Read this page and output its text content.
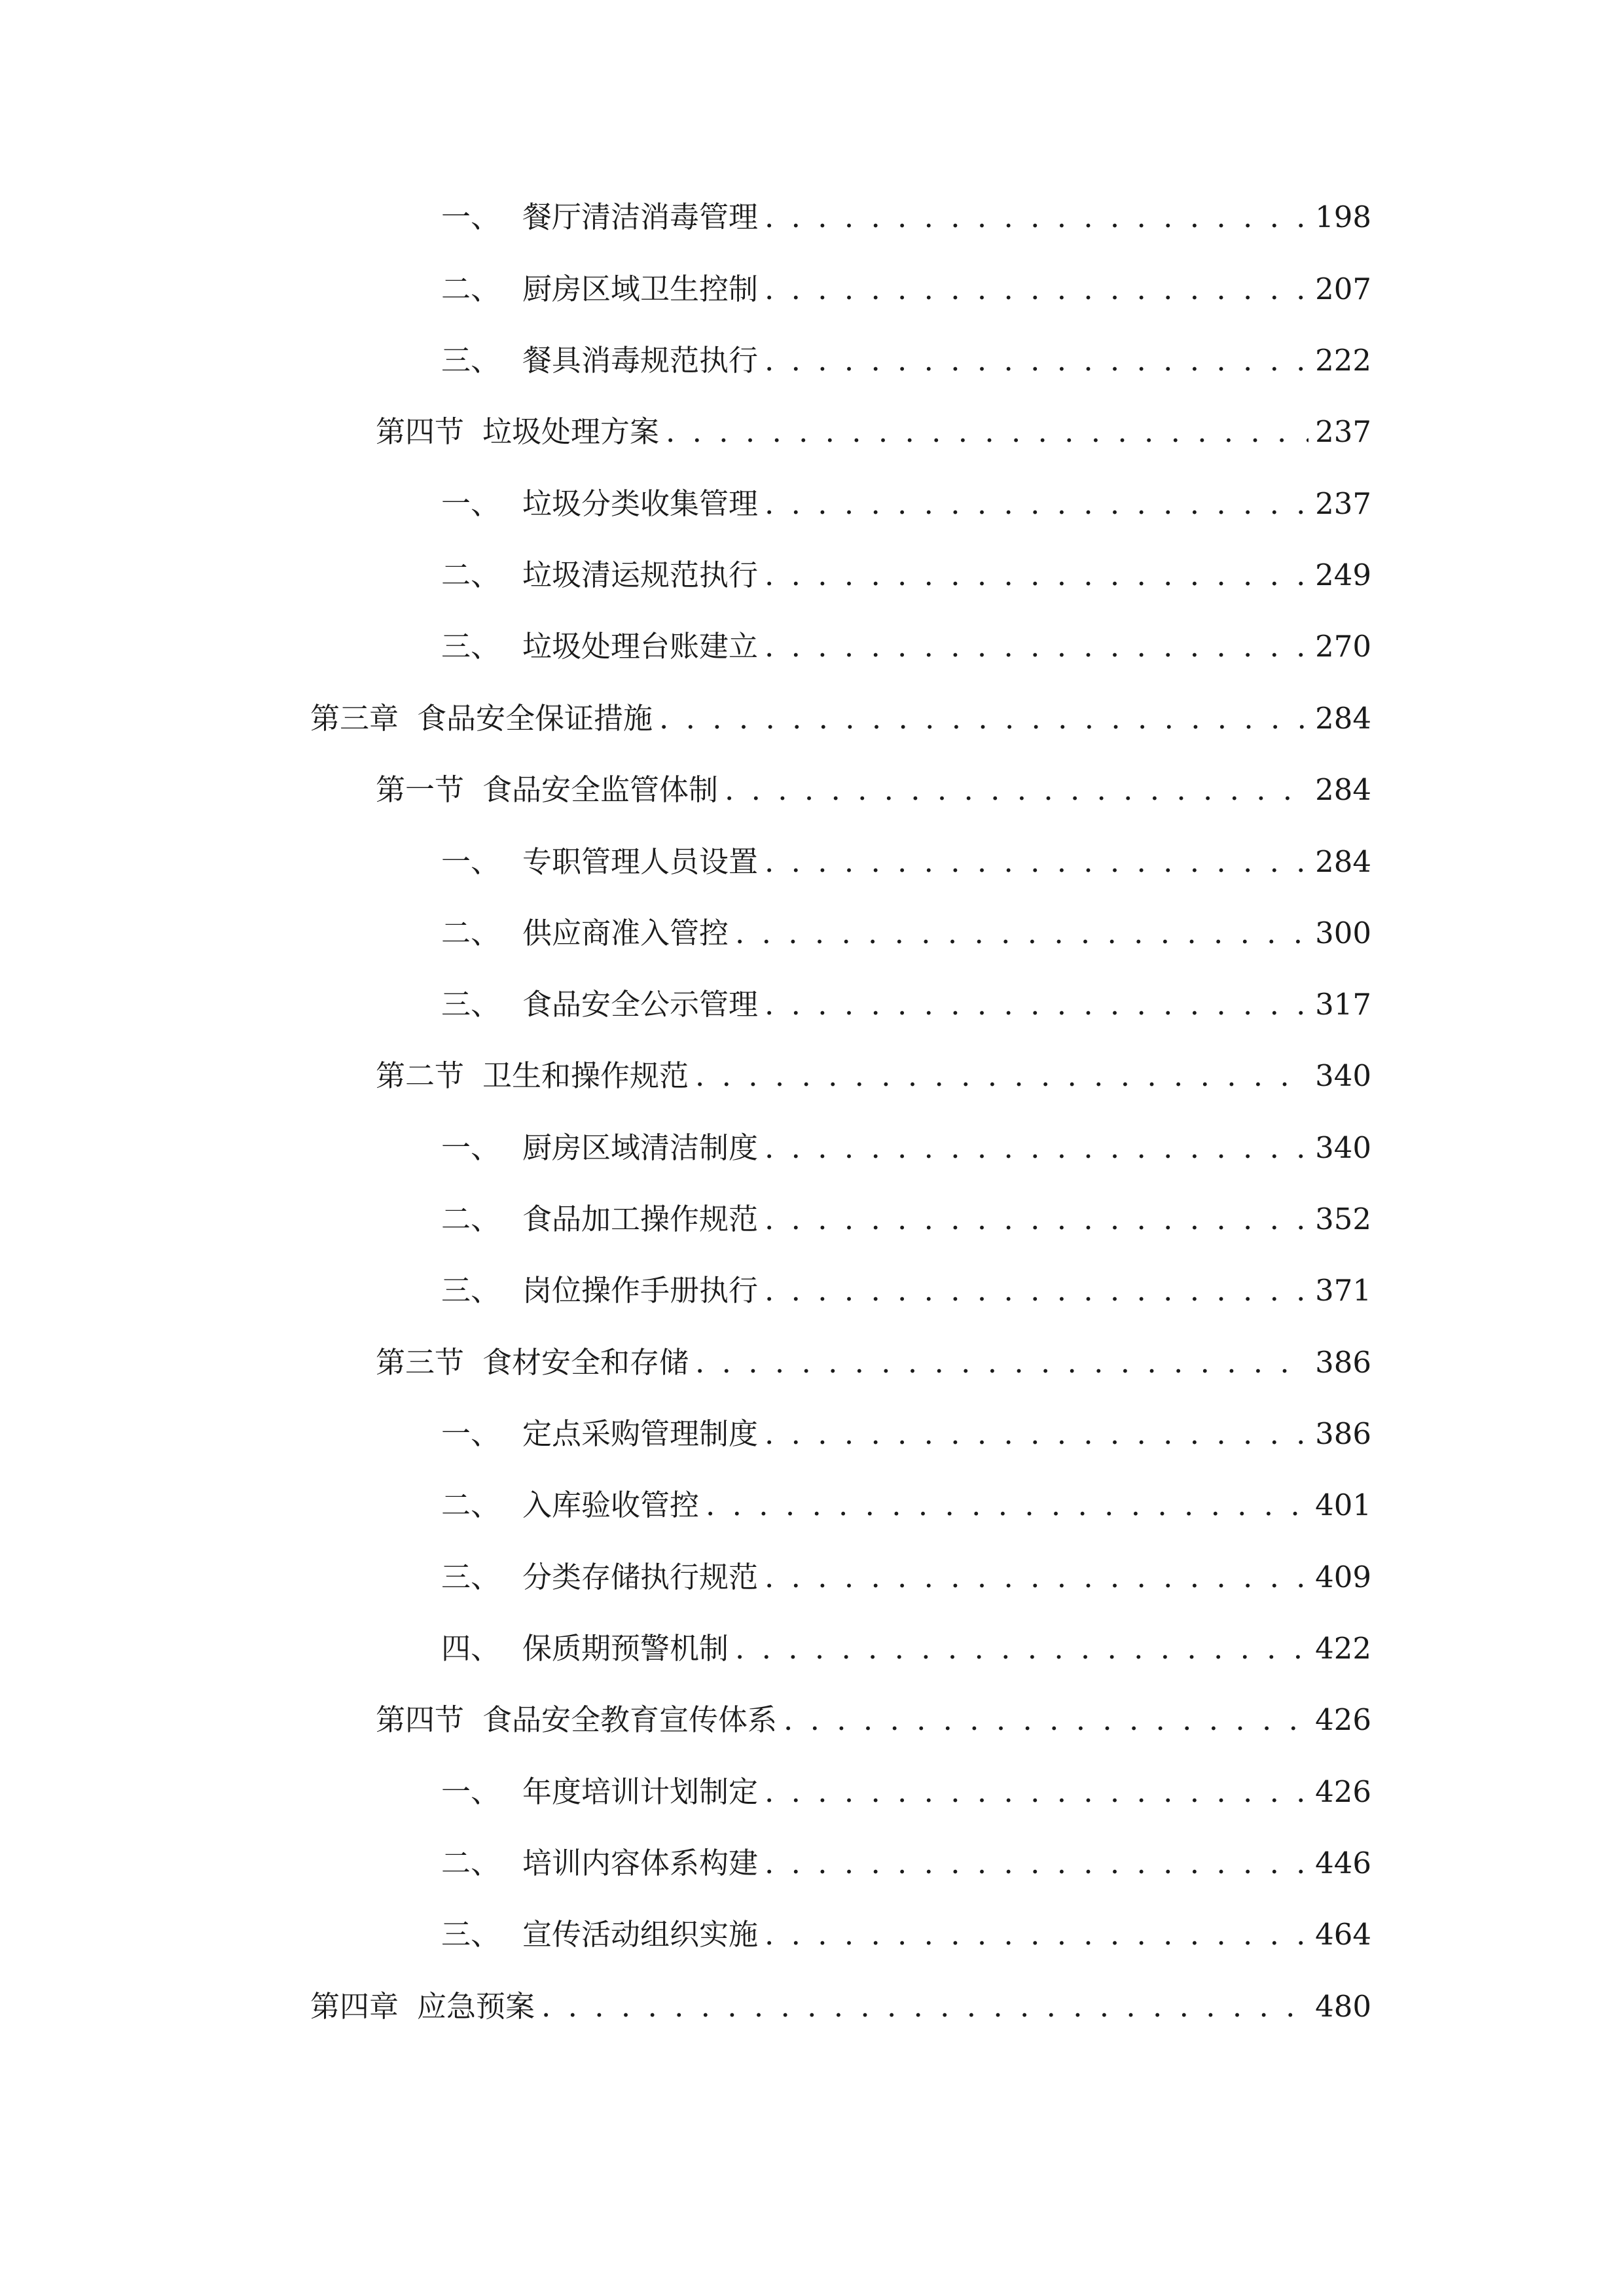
一、 餐厅清洁消毒管理 . . .	198
二、 厨房区域卫生控制 . . .	207
三、 餐具消毒规范执行 . . .	222
第四节 垃圾处理方案 . . .	237
一、 垃圾分类收集管理 . . .	237
二、 垃圾清运规范执行 . . .	249
三、 垃圾处理台账建立 . . .	270
第三章 食品安全保证措施 . . .	284
第一节 食品安全监管体制 . . .	284
一、 专职管理人员设置 . . .	284
二、 供应商准入管控 . . .	300
三、 食品安全公示管理 . . .	317
第二节 卫生和操作规范 . . .	340
一、 厨房区域清洁制度 . . .	340
二、 食品加工操作规范 . . .	352
三、 岗位操作手册执行 . . .	371
第三节 食材安全和存储 . . .	386
一、 定点采购管理制度 . . .	386
二、 入库验收管控 . . .	401
三、 分类存储执行规范 . . .	409
四、 保质期预警机制 . . .	422
第四节 食品安全教育宣传体系 . . .	426
一、 年度培训计划制定 . . .	426
二、 培训内容体系构建 . . .	446
三、 宣传活动组织实施 . . .	464
第四章 应急预案 . . .	480
